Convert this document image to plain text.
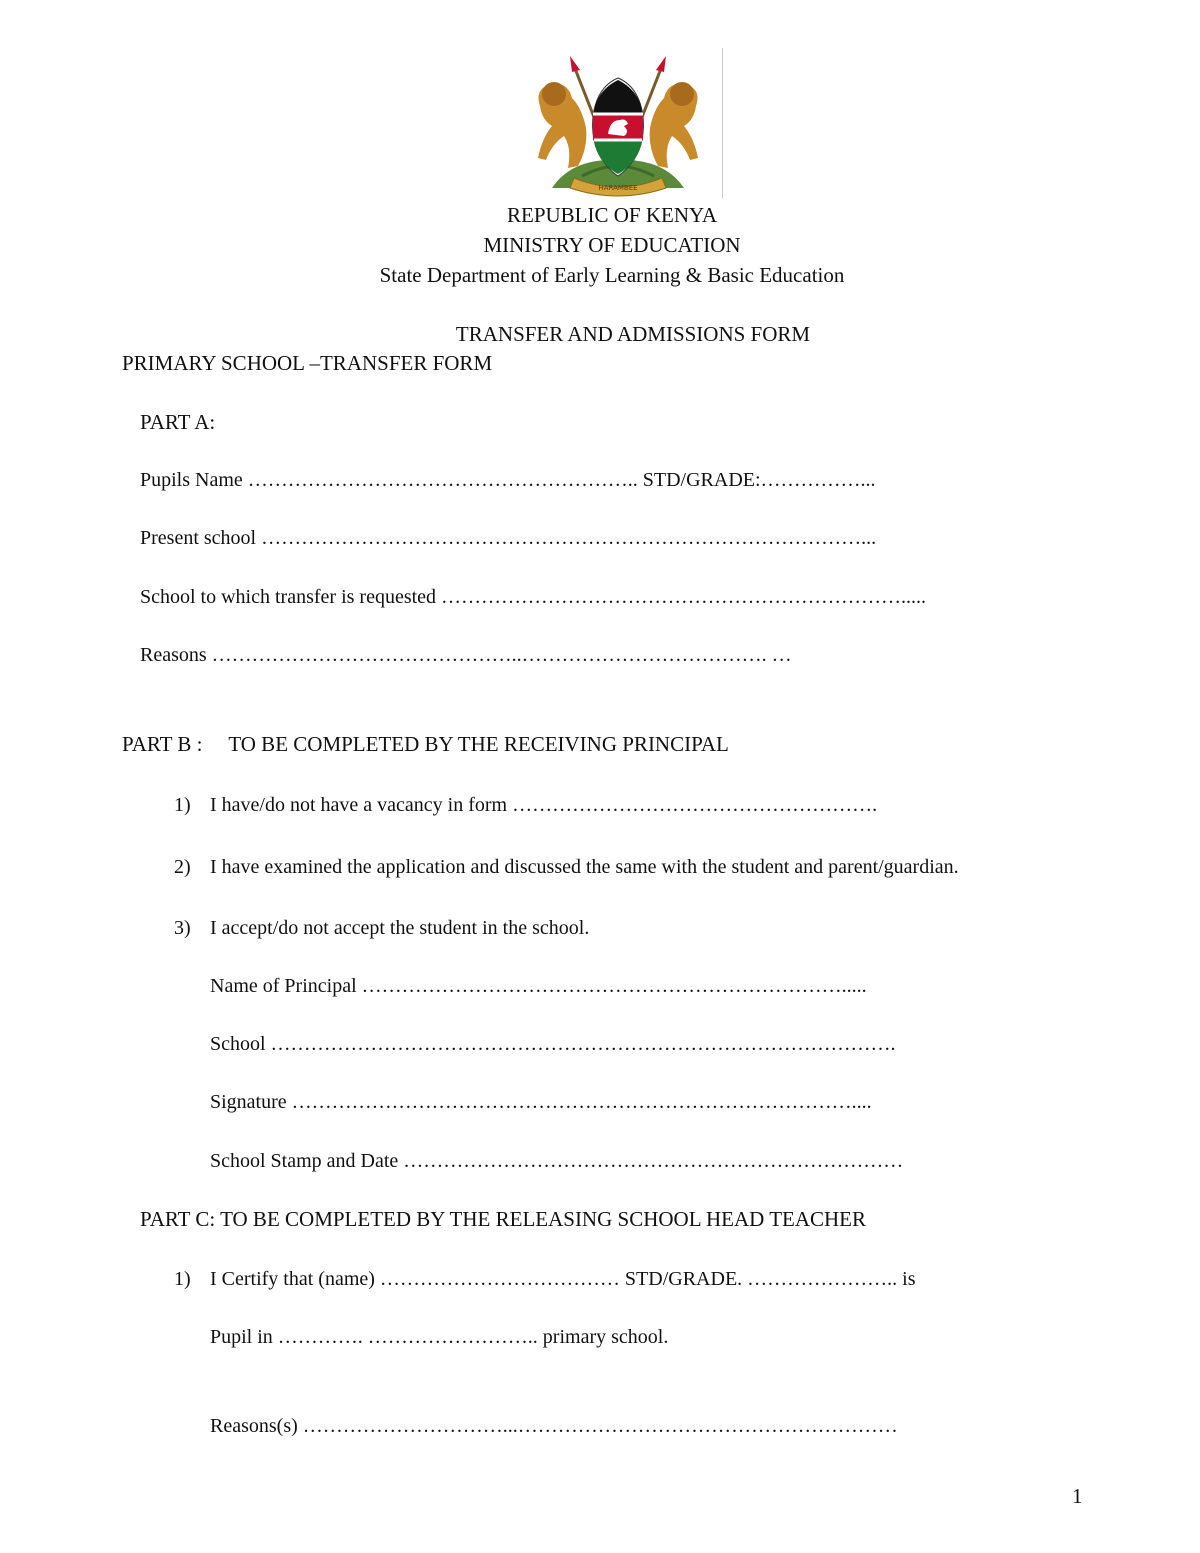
HARAMBEE
REPUBLIC OF KENYA
MINISTRY OF EDUCATION
State Department of Early Learning & Basic Education
TRANSFER AND ADMISSIONS FORM
PRIMARY SCHOOL –TRANSFER FORM
PART A:
Pupils Name ………………………………………………….. STD/GRADE:……………...
Present school ………………………………………………………………………………...
School to which transfer is requested …………………………………………………………….....
Reasons ………………………………………..………………………………. …
PART B :     TO BE COMPLETED BY THE RECEIVING PRINCIPAL
1) I have/do not have a vacancy in form ……………………………………………….
2) I have examined the application and discussed the same with the student and parent/guardian.
3) I accept/do not accept the student in the school.
Name of Principal ……………………………………………………………….....
School ………………………………………………………………………………….
Signature …………………………………………………………………………....
School Stamp and Date …………………………………………………………………
PART C: TO BE COMPLETED BY THE RELEASING SCHOOL HEAD TEACHER
1) I Certify that (name) ……………………………… STD/GRADE. ………………….. is
Pupil in …………. …………………….. primary school.
Reasons(s) …………………………...…………………………………………………
1
